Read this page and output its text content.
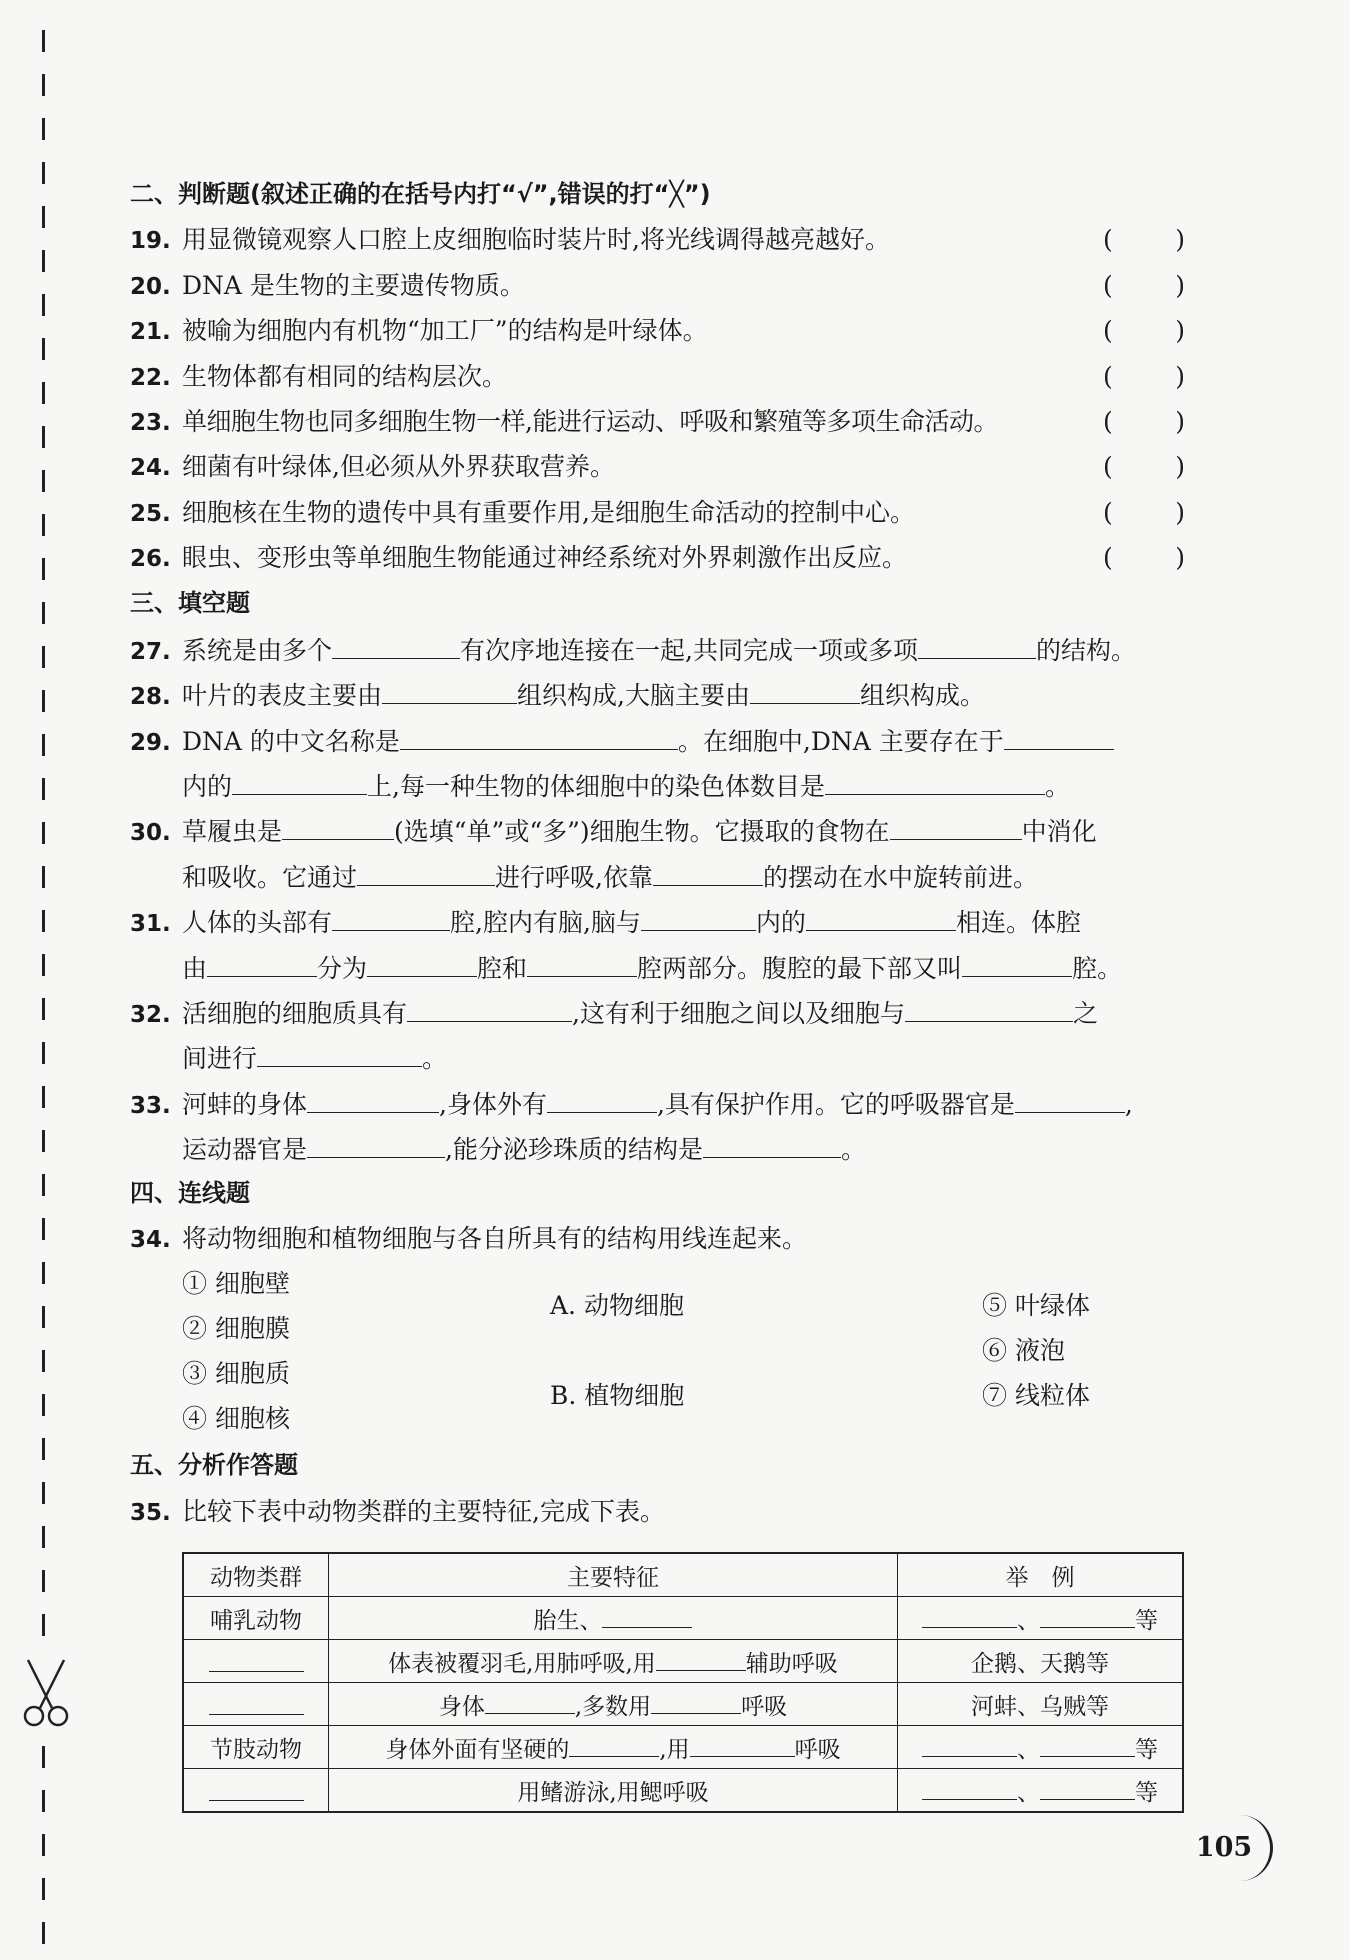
二、判断题(叙述正确的在括号内打“√”,错误的打“╳”)
19. 用显微镜观察人口腔上皮细胞临时装片时,将光线调得越亮越好。	( )
20. DNA 是生物的主要遗传物质。	( )
21. 被喻为细胞内有机物“加工厂”的结构是叶绿体。	( )
22. 生物体都有相同的结构层次。	( )
23. 单细胞生物也同多细胞生物一样,能进行运动、呼吸和繁殖等多项生命活动。	( )
24. 细菌有叶绿体,但必须从外界获取营养。	( )
25. 细胞核在生物的遗传中具有重要作用,是细胞生命活动的控制中心。	( )
26. 眼虫、变形虫等单细胞生物能通过神经系统对外界刺激作出反应。	( )
三、填空题
27. 系统是由多个	有次序地连接在一起,共同完成一项或多项	的结构。
28. 叶片的表皮主要由	组织构成,大脑主要由	组织构成。
29. DNA 的中文名称是	。在细胞中,DNA 主要存在于
内的	上,每一种生物的体细胞中的染色体数目是	。
30. 草履虫是	(选填“单”或“多”)细胞生物。它摄取的食物在	中消化
和吸收。它通过	进行呼吸,依靠	的摆动在水中旋转前进。
31. 人体的头部有	腔,腔内有脑,脑与	内的	相连。体腔
由	分为	腔和	腔两部分。腹腔的最下部又叫	腔。
32. 活细胞的细胞质具有	,这有利于细胞之间以及细胞与	之
间进行	。
33. 河蚌的身体	,身体外有	,具有保护作用。它的呼吸器官是	,
运动器官是	,能分泌珍珠质的结构是	。
四、连线题
34. 将动物细胞和植物细胞与各自所具有的结构用线连起来。
① 细胞壁
② 细胞膜
③ 细胞质
④ 细胞核
A. 动物细胞
B. 植物细胞
⑤ 叶绿体
⑥ 液泡
⑦ 线粒体
五、分析作答题
35. 比较下表中动物类群的主要特征,完成下表。
动物类群	主要特征	举　例
哺乳动物	胎生、	、 等
	体表被覆羽毛,用肺呼吸,用 辅助呼吸	企鹅、天鹅等
	身体 ,多数用 呼吸	河蚌、乌贼等
节肢动物	身体外面有坚硬的 ,用 呼吸	、 等
	用鳍游泳,用鳃呼吸	、 等
105
